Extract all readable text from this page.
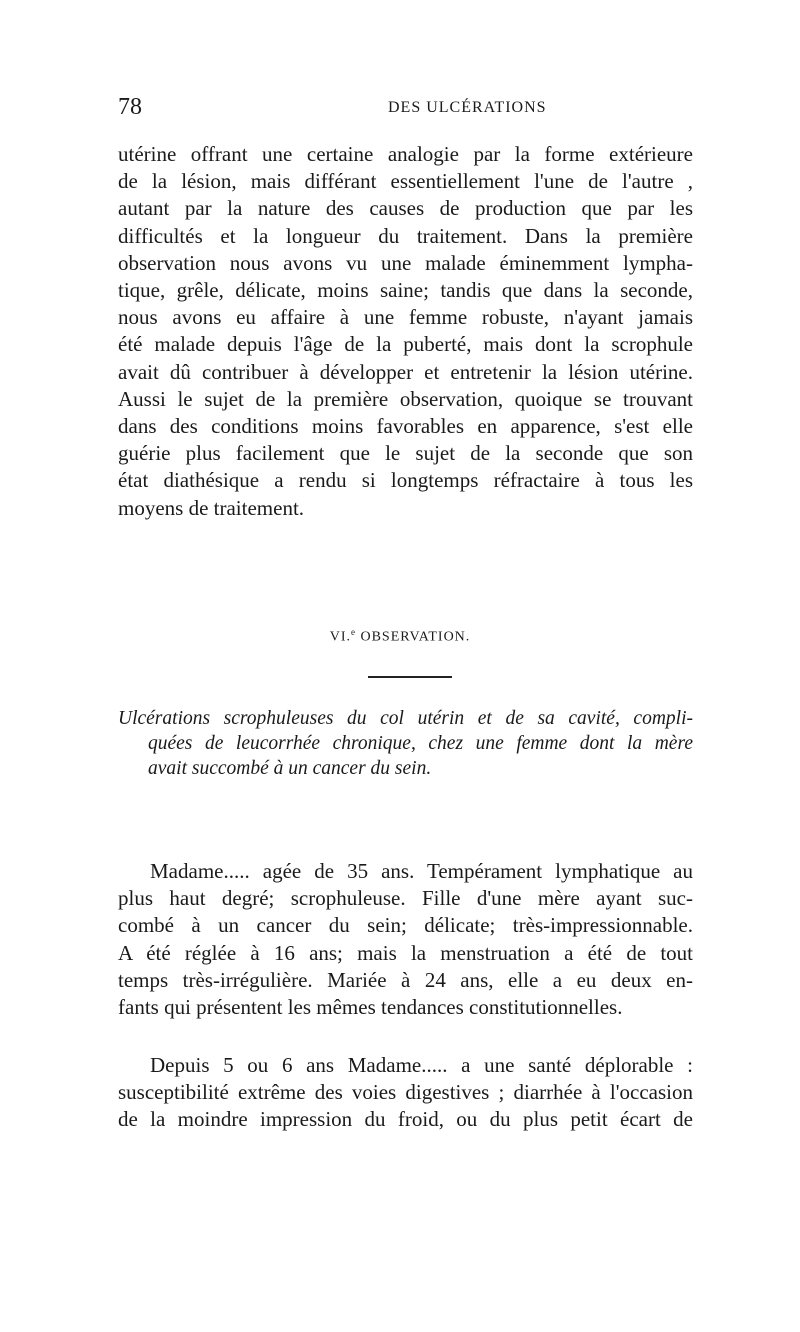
78	DES ULCÉRATIONS

utérine offrant une certaine analogie par la forme extérieure
de la lésion, mais différant essentiellement l'une de l'autre ,
autant par la nature des causes de production que par les
difficultés et la longueur du traitement. Dans la première
observation nous avons vu une malade éminemment lympha-
tique, grêle, délicate, moins saine; tandis que dans la seconde,
nous avons eu affaire à une femme robuste, n'ayant jamais
été malade depuis l'âge de la puberté, mais dont la scrophule
avait dû contribuer à développer et entretenir la lésion utérine.
Aussi le sujet de la première observation, quoique se trouvant
dans des conditions moins favorables en apparence, s'est elle
guérie plus facilement que le sujet de la seconde que son
état diathésique a rendu si longtemps réfractaire à tous les
moyens de traitement.

VI.$^e$ OBSERVATION.

Ulcérations scrophuleuses du col utérin et de sa cavité, compli-
quées de leucorrhée chronique, chez une femme dont la mère
avait succombé à un cancer du sein.

Madame..... agée de 35 ans. Tempérament lymphatique au
plus haut degré; scrophuleuse. Fille d'une mère ayant suc-
combé à un cancer du sein; délicate; très-impressionnable.
A été réglée à 16 ans; mais la menstruation a été de tout
temps très-irrégulière. Mariée à 24 ans, elle a eu deux en-
fants qui présentent les mêmes tendances constitutionnelles.

Depuis 5 ou 6 ans Madame..... a une santé déplorable :
susceptibilité extrême des voies digestives ; diarrhée à l'occasion
de la moindre impression du froid, ou du plus petit écart de
